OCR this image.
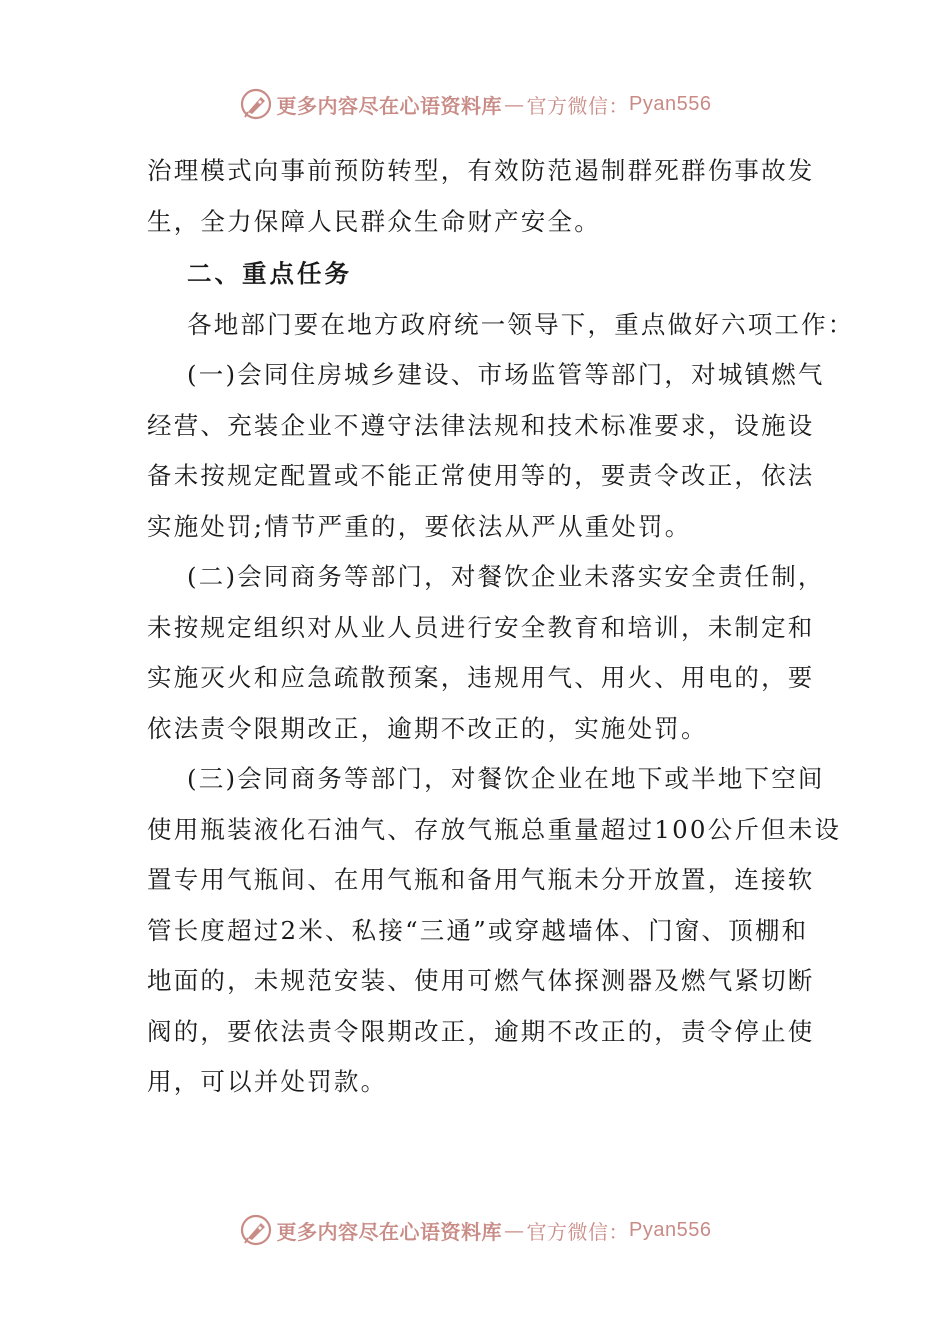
更多内容尽在心语资料库 — 官方微信： Pyan556
治理模式向事前预防转型，有效防范遏制群死群伤事故发
生，全力保障人民群众生命财产安全。
二、重点任务
各地部门要在地方政府统一领导下，重点做好六项工作：
(一)会同住房城乡建设、市场监管等部门，对城镇燃气
经营、充装企业不遵守法律法规和技术标准要求，设施设
备未按规定配置或不能正常使用等的，要责令改正，依法
实施处罚;情节严重的，要依法从严从重处罚。
(二)会同商务等部门，对餐饮企业未落实安全责任制，
未按规定组织对从业人员进行安全教育和培训，未制定和
实施灭火和应急疏散预案，违规用气、用火、用电的，要
依法责令限期改正，逾期不改正的，实施处罚。
(三)会同商务等部门，对餐饮企业在地下或半地下空间
使用瓶装液化石油气、存放气瓶总重量超过100公斤但未设
置专用气瓶间、在用气瓶和备用气瓶未分开放置，连接软
管长度超过2米、私接“三通”或穿越墙体、门窗、顶棚和
地面的，未规范安装、使用可燃气体探测器及燃气紧切断
阀的，要依法责令限期改正，逾期不改正的，责令停止使
用，可以并处罚款。
更多内容尽在心语资料库 — 官方微信： Pyan556
